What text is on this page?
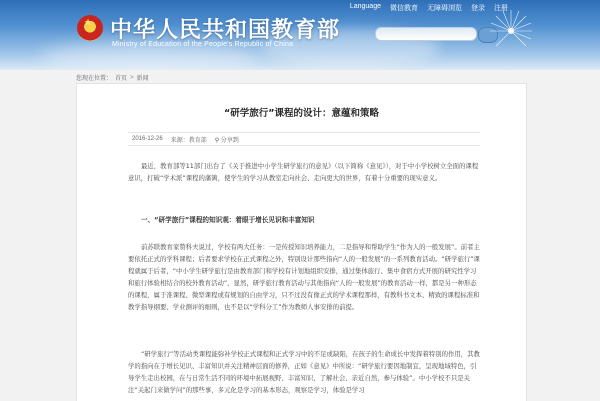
★ 中华人民共和国教育部
Ministry of Education of the People's Republic of China
Language 微信教育 无障碍浏览 登录 注册
您现在位置： 首页 > 新闻
“研学旅行”课程的设计：意蕴和策略
2016-12-26 来源：教育部 ⚲ 分享到
最近，教育部等11部门出台了《关于推进中小学生研学旅行的意见》（以下简称《意见》），对于中小学校树立全面的课程意识，打破“学术派”课程的藩篱，使学生的学习从教室走向社会、走向更大的世界，有着十分重要的现实意义。
一、“研学旅行”课程的知识观：着眼于增长见识和丰富知识
前苏联教育家赞科夫说过，学校有两大任务：一是传授知识培养能力，二是指导和帮助学生“作为人的一般发展”。前者主要依托正式的学科课程；后者要求学校在正式课程之外，特别设计那些指向“人的一般发展”的一系列教育活动。“研学旅行”课程就属于后者，“中小学生研学旅行是由教育部门和学校有计划地组织安排，通过集体旅行、集中食宿方式开展的研究性学习和旅行体验相结合的校外教育活动”，显然，研学旅行教育活动与其他指向“人的一般发展”的教育活动一样，都是另一种形态的课程，属于准课程、微型课程或有规划的自由学习，只不过没有像正式的学术课程那样，有教科书文本、精致的课程标准和教学指导纲要、学业测评的细则，也不是以“学科分工”作为教师人事安排的前提。
“研学旅行”等活动类课程能弥补学校正式课程和正式学习中的不足或缺陷，在孩子的生命成长中发挥着特别的作用，其教学的指向在于增长见识、丰富知识并关注精神层面的修养，正如《意见》中所说：“研学旅行要因地制宜，呈现地域特色，引导学生走出校园，在与日常生活不同的环境中拓展视野、丰富知识，了解社会、亲近自然，参与体验”。中小学校不只是关注“关起门来做学问”的那些事，多元化是学习的基本形态，观察是学习，体验是学习
